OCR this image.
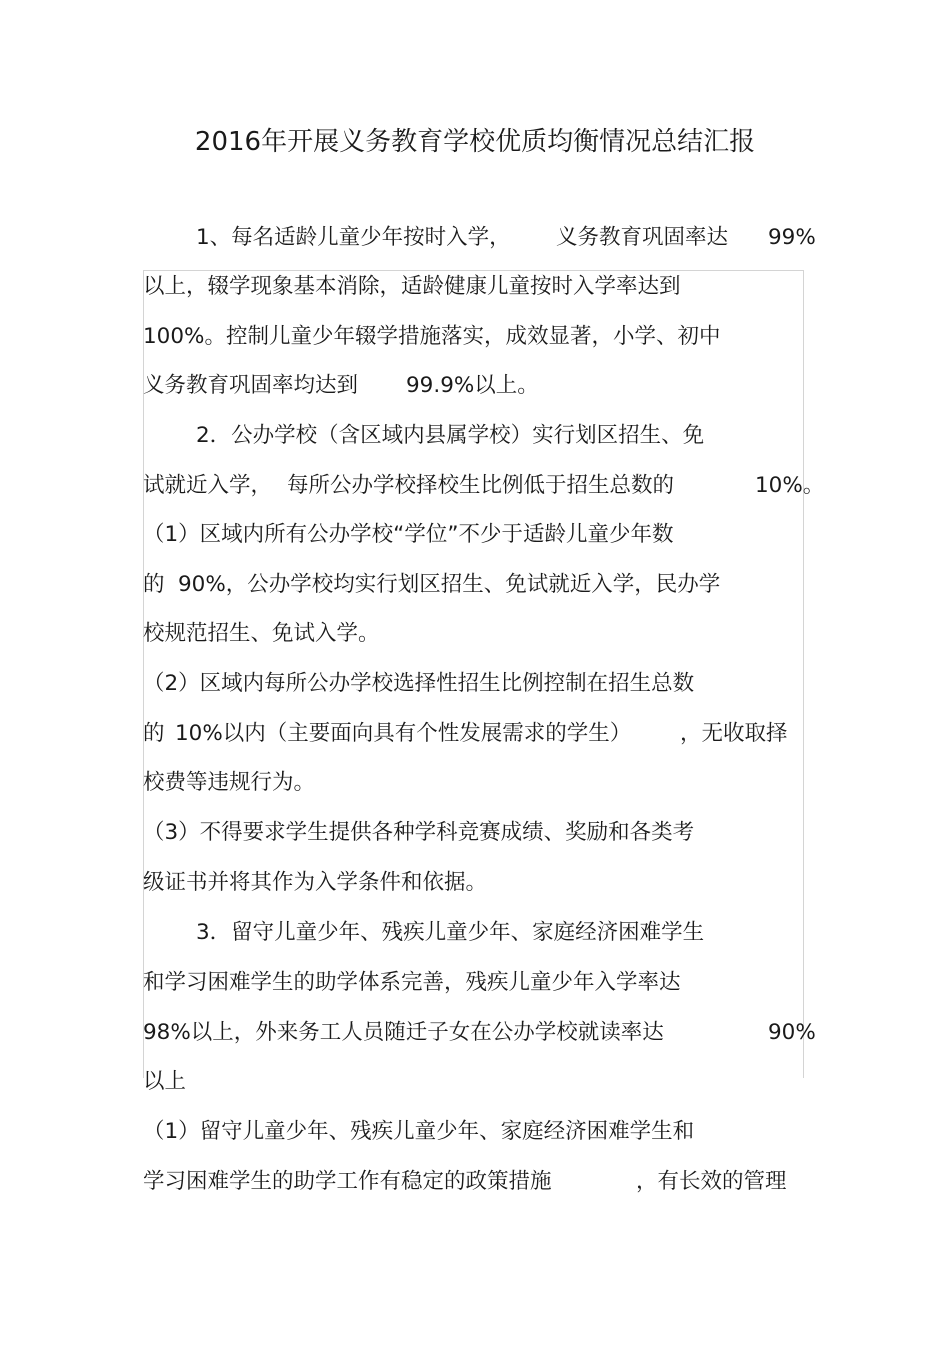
2016年开展义务教育学校优质均衡情况总结汇报
1、每名适龄儿童少年按时入学， 义务教育巩固率达 99%
以上，辍学现象基本消除，适龄健康儿童按时入学率达到
100%。控制儿童少年辍学措施落实，成效显著，小学、初中
义务教育巩固率均达到 99.9%以上。
2．公办学校（含区域内县属学校）实行划区招生、免
试就近入学， 每所公办学校择校生比例低于招生总数的	10%。
（1）区域内所有公办学校“学位”不少于适龄儿童少年数
的 90%，公办学校均实行划区招生、免试就近入学，民办学
校规范招生、免试入学。
（2）区域内每所公办学校选择性招生比例控制在招生总数
的 10%以内（主要面向具有个性发展需求的学生） ，无收取择
校费等违规行为。
（3）不得要求学生提供各种学科竞赛成绩、奖励和各类考
级证书并将其作为入学条件和依据。
3．留守儿童少年、残疾儿童少年、家庭经济困难学生
和学习困难学生的助学体系完善，残疾儿童少年入学率达
98%以上，外来务工人员随迁子女在公办学校就读率达	90%
以上
（1）留守儿童少年、残疾儿童少年、家庭经济困难学生和
学习困难学生的助学工作有稳定的政策措施	，有长效的管理
